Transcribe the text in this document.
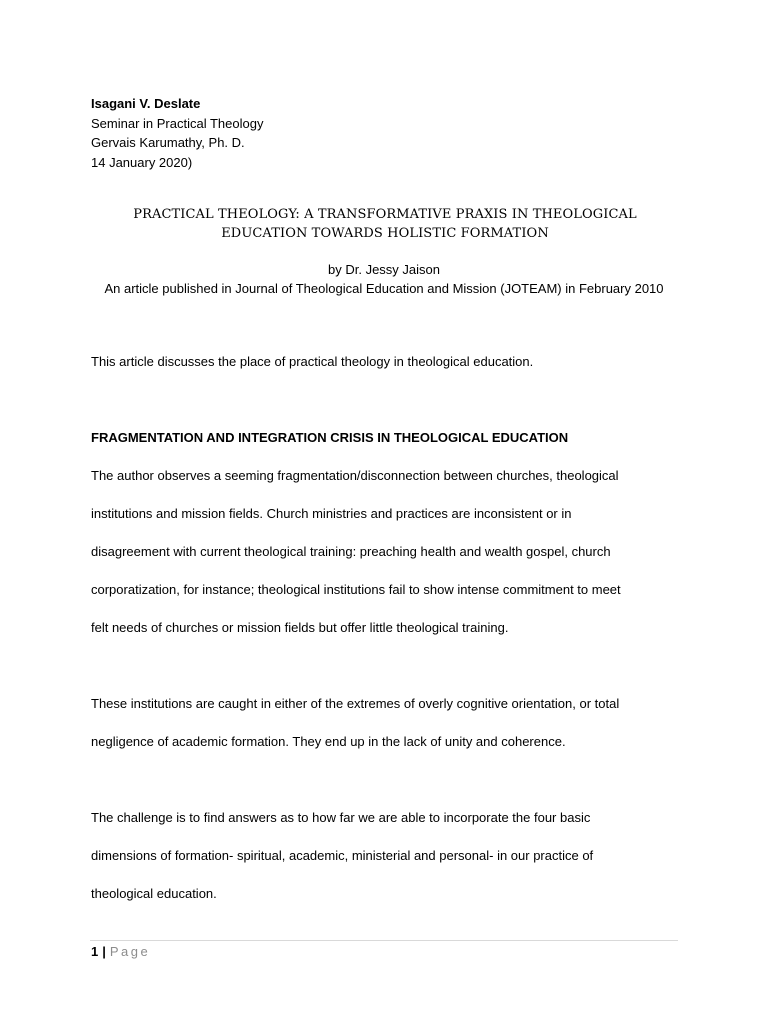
Isagani V. Deslate
Seminar in Practical Theology
Gervais Karumathy, Ph. D.
14 January 2020)
PRACTICAL THEOLOGY: A TRANSFORMATIVE PRAXIS IN THEOLOGICAL
EDUCATION TOWARDS HOLISTIC FORMATION
by Dr. Jessy Jaison
An article published in Journal of Theological Education and Mission (JOTEAM) in February 2010
This article discusses the place of practical theology in theological education.
FRAGMENTATION AND INTEGRATION CRISIS IN THEOLOGICAL EDUCATION
The author observes a seeming fragmentation/disconnection between churches, theological
institutions and mission fields. Church ministries and practices are inconsistent or in
disagreement with current theological training: preaching health and wealth gospel, church
corporatization, for instance; theological institutions fail to show intense commitment to meet
felt needs of churches or mission fields but offer little theological training.
These institutions are caught in either of the extremes of overly cognitive orientation, or total
negligence of academic formation. They end up in the lack of unity and coherence.
The challenge is to find answers as to how far we are able to incorporate the four basic
dimensions of formation- spiritual, academic, ministerial and personal- in our practice of
theological education.
1 | Page
